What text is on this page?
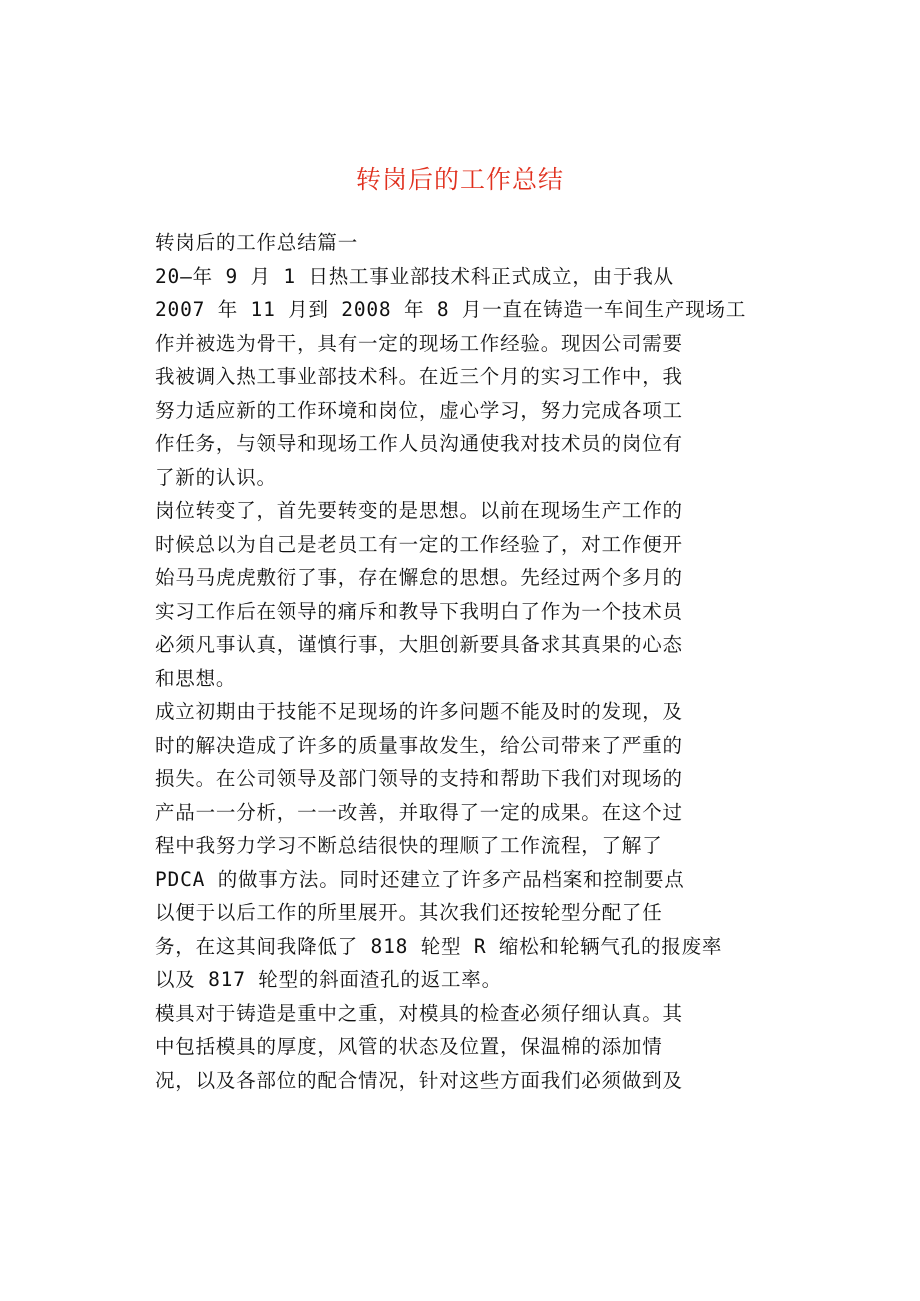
转岗后的工作总结
转岗后的工作总结篇一
20—年 9 月 1 日热工事业部技术科正式成立，由于我从
2007 年 11 月到 2008 年 8 月一直在铸造一车间生产现场工
作并被选为骨干，具有一定的现场工作经验。现因公司需要
我被调入热工事业部技术科。在近三个月的实习工作中，我
努力适应新的工作环境和岗位，虚心学习，努力完成各项工
作任务，与领导和现场工作人员沟通使我对技术员的岗位有
了新的认识。
岗位转变了，首先要转变的是思想。以前在现场生产工作的
时候总以为自己是老员工有一定的工作经验了，对工作便开
始马马虎虎敷衍了事，存在懈怠的思想。先经过两个多月的
实习工作后在领导的痛斥和教导下我明白了作为一个技术员
必须凡事认真，谨慎行事，大胆创新要具备求其真果的心态
和思想。
成立初期由于技能不足现场的许多问题不能及时的发现，及
时的解决造成了许多的质量事故发生，给公司带来了严重的
损失。在公司领导及部门领导的支持和帮助下我们对现场的
产品一一分析，一一改善，并取得了一定的成果。在这个过
程中我努力学习不断总结很快的理顺了工作流程，了解了
PDCA 的做事方法。同时还建立了许多产品档案和控制要点
以便于以后工作的所里展开。其次我们还按轮型分配了任
务，在这其间我降低了 818 轮型 R 缩松和轮辆气孔的报废率
以及 817 轮型的斜面渣孔的返工率。
模具对于铸造是重中之重，对模具的检查必须仔细认真。其
中包括模具的厚度，风管的状态及位置，保温棉的添加情
况，以及各部位的配合情况，针对这些方面我们必须做到及
